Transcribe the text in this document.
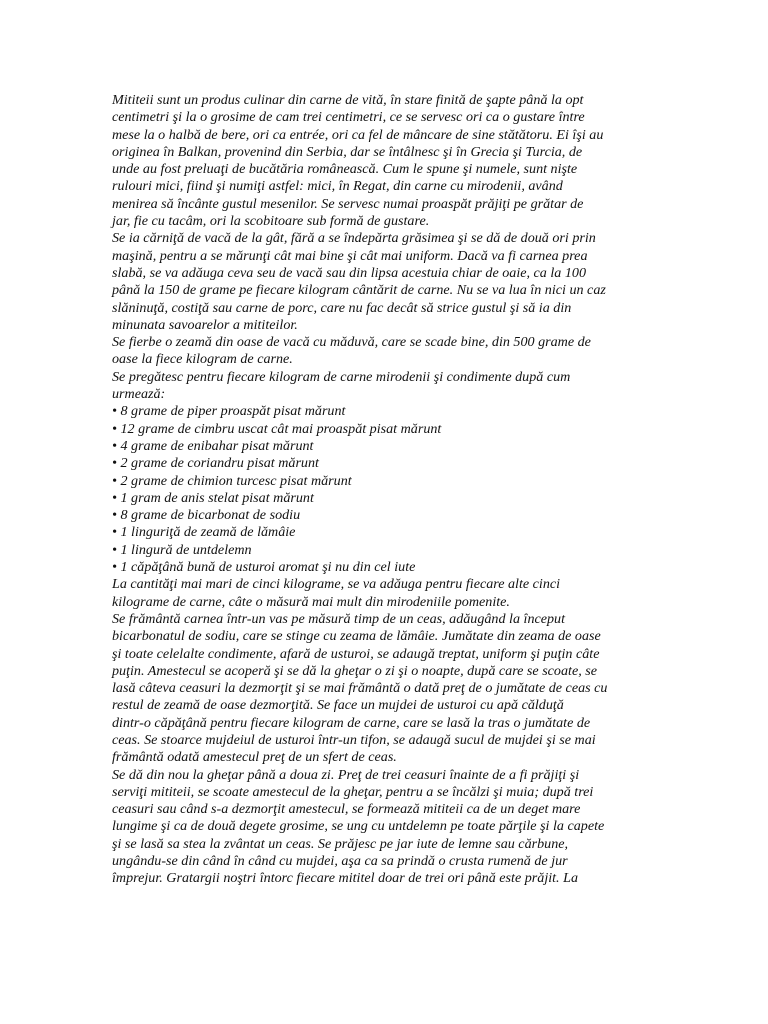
Mititeii sunt un produs culinar din carne de vită, în stare finită de şapte până la opt
centimetri şi la o grosime de cam trei centimetri, ce se servesc ori ca o gustare între
mese la o halbă de bere, ori ca entrée, ori ca fel de mâncare de sine stătătoru. Ei îşi au
originea în Balkan, provenind din Serbia, dar se întâlnesc şi în Grecia şi Turcia, de
unde au fost preluaţi de bucătăria românească. Cum le spune şi numele, sunt nişte
rulouri mici, fiind şi numiţi astfel: mici, în Regat, din carne cu mirodenii, având
menirea să încânte gustul mesenilor. Se servesc numai proaspăt prăjiţi pe grătar de
jar, fie cu tacâm, ori la scobitoare sub formă de gustare.
Se ia cărniţă de vacă de la gât, fără a se îndepărta grăsimea şi se dă de două ori prin
maşină, pentru a se mărunţi cât mai bine şi cât mai uniform. Dacă va fi carnea prea
slabă, se va adăuga ceva seu de vacă sau din lipsa acestuia chiar de oaie, ca la 100
până la 150 de grame pe fiecare kilogram cântărit de carne. Nu se va lua în nici un caz
slăninuţă, costiţă sau carne de porc, care nu fac decât să strice gustul şi să ia din
minunata savoarelor a mititeilor.
Se fierbe o zeamă din oase de vacă cu măduvă, care se scade bine, din 500 grame de
oase la fiece kilogram de carne.
Se pregătesc pentru fiecare kilogram de carne mirodenii şi condimente după cum
urmează:
• 8 grame de piper proaspăt pisat mărunt
• 12 grame de cimbru uscat cât mai proaspăt pisat mărunt
• 4 grame de enibahar pisat mărunt
• 2 grame de coriandru pisat mărunt
• 2 grame de chimion turcesc pisat mărunt
• 1 gram de anis stelat pisat mărunt
• 8 grame de bicarbonat de sodiu
• 1 linguriţă de zeamă de lămâie
• 1 lingură de untdelemn
• 1 căpăţână bună de usturoi aromat şi nu din cel iute
La cantităţi mai mari de cinci kilograme, se va adăuga pentru fiecare alte cinci
kilograme de carne, câte o măsură mai mult din mirodeniile pomenite.
Se frământă carnea într-un vas pe măsură timp de un ceas, adăugând la început
bicarbonatul de sodiu, care se stinge cu zeama de lămâie. Jumătate din zeama de oase
şi toate celelalte condimente, afară de usturoi, se adaugă treptat, uniform şi puţin câte
puţin. Amestecul se acoperă şi se dă la gheţar o zi şi o noapte, după care se scoate, se
lasă câteva ceasuri la dezmorţit şi se mai frământă o dată preţ de o jumătate de ceas cu
restul de zeamă de oase dezmorţită. Se face un mujdei de usturoi cu apă călduţă
dintr-o căpăţână pentru fiecare kilogram de carne, care se lasă la tras o jumătate de
ceas. Se stoarce mujdeiul de usturoi într-un tifon, se adaugă sucul de mujdei şi se mai
frământă odată amestecul preţ de un sfert de ceas.
Se dă din nou la gheţar până a doua zi. Preţ de trei ceasuri înainte de a fi prăjiţi şi
serviţi mititeii, se scoate amestecul de la gheţar, pentru a se încălzi şi muia; după trei
ceasuri sau când s-a dezmorţit amestecul, se formează mititeii ca de un deget mare
lungime şi ca de două degete grosime, se ung cu untdelemn pe toate părţile şi la capete
şi se lasă sa stea la zvântat un ceas. Se prăjesc pe jar iute de lemne sau cărbune,
ungându-se din când în când cu mujdei, aşa ca sa prindă o crusta rumenă de jur
împrejur. Gratargii noştri întorc fiecare mititel doar de trei ori până este prăjit. La
